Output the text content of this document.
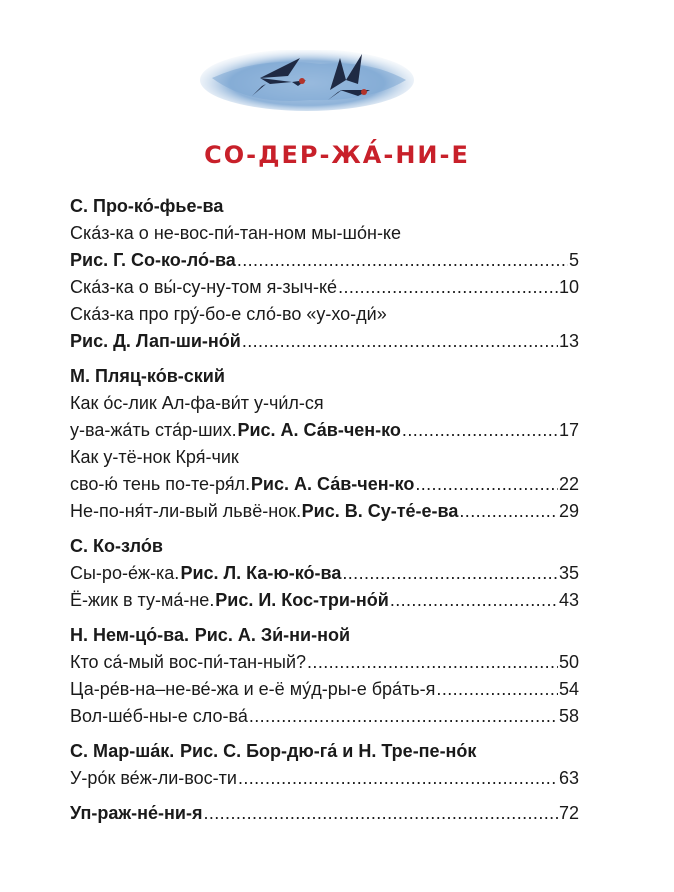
СО-ДЕР-ЖА́-НИ-Е
С. Про-ко́-фье-ва
Ска́з-ка о не-вос-пи́-тан-ном мы-шо́н-ке
Рис. Г. Со-ко-ло́-ва .....	5
Ска́з-ка о вы́-су-ну-том я-зыч-ке́ .....	10
Ска́з-ка про гру́-бо-е сло́-во «у-хо-ди́»
Рис. Д. Лап-ши-но́й .....	13
М. Пляц-ко́в-ский
Как о́с-лик Ал-фа-ви́т у-чи́л-ся
у-ва-жа́ть ста́р-ших. Рис. А. Са́в-чен-ко .....	17
Как у-тё-нок Кря́-чик
сво-ю́ тень по-те-ря́л. Рис. А. Са́в-чен-ко .....	22
Не-по-ня́т-ли-вый львё-нок. Рис. В. Су-те́-е-ва .....	29
С. Ко-зло́в
Сы-ро-е́ж-ка. Рис. Л. Ка-ю-ко́-ва .....	35
Ё-жик в ту-ма́-не. Рис. И. Кос-три-но́й .....	43
Н. Нем-цо́-ва. Рис. А. Зи́-ни-ной
Кто са́-мый вос-пи́-тан-ный? .....	50
Ца-ре́в-на–не-ве́-жа и е-ё му́д-ры-е бра́ть-я .....	54
Вол-ше́б-ны-е сло-ва́ .....	58
С. Мар-ша́к. Рис. С. Бор-дю-га́ и Н. Тре-пе-но́к
У-ро́к ве́ж-ли-вос-ти .....	63
Уп-раж-не́-ни-я .....	72
